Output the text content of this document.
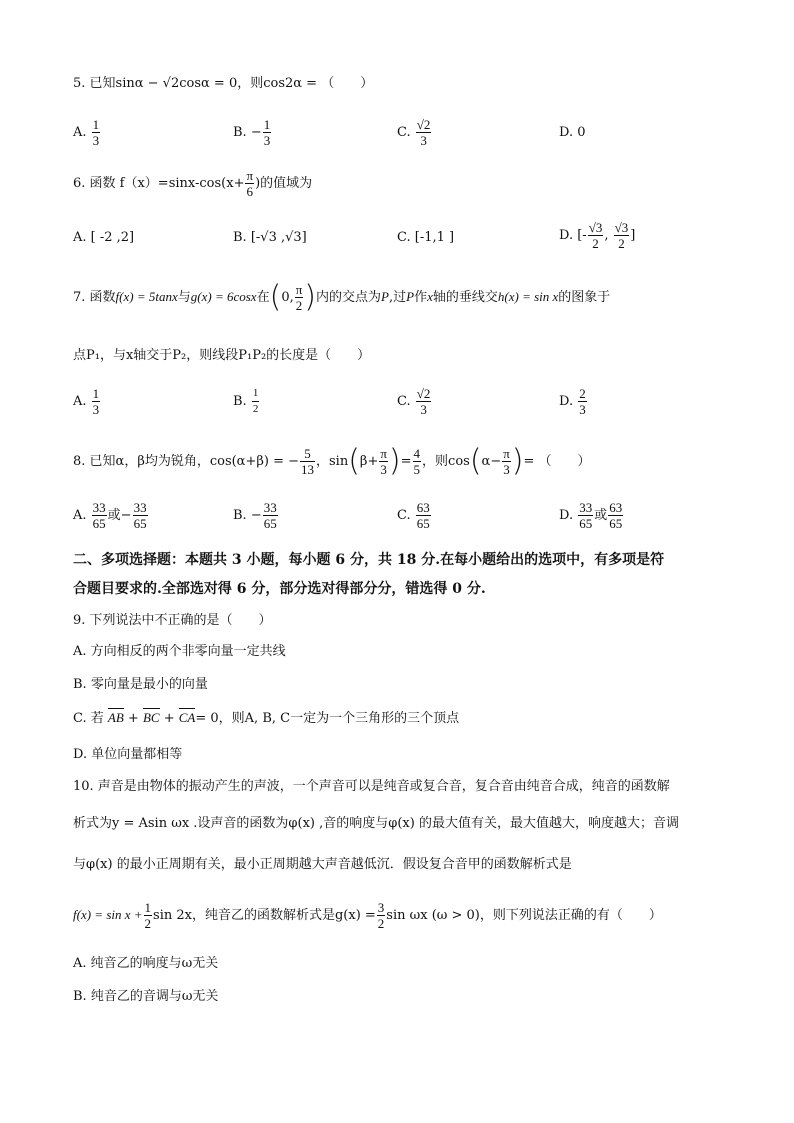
5. 已知sinα − √2cosα = 0，则cos2α = （　　）
A. $\frac{1}{3}$	B. − $\frac{1}{3}$	C. $\frac{√2}{3}$	D. 0
6. 函数 $f(x)=\sin x-\cos(x+ \frac{\pi}{6}$ )的值域为
A. [ -2 ,2]	B. [-√3 ,√3]	C. [-1,1 ]	D. [- $\frac{√3}{2}$ , $\frac{√3}{2}$ ]
7. 函数f(x) = 5tanx与g(x) = 6cosx在(0, $\frac{\pi}{2}$ )内的交点为P,过P作x轴的垂线交h(x) = sin x的图象于
点P₁，与x轴交于P₂，则线段P₁P₂的长度是（　　）
A. $\frac{1}{3}$	B. $\frac{1}{2}$	C. $\frac{√2}{3}$	D. $\frac{2}{3}$
8. 已知α，β均为锐角，cos(α+β) = − $\frac{5}{13}$ ，$\sin(\beta+ \frac{\pi}{3}$ )= $\frac{4}{5}$ ，则$\cos(\alpha- \frac{\pi}{3}$ )= （　　）
A. $\frac{33}{65}$ 或− $\frac{33}{65}$	B. − $\frac{33}{65}$	C. $\frac{63}{65}$	D. $\frac{33}{65}$ 或 $\frac{63}{65}$
二、多项选择题：本题共 3 小题，每小题 6 分，共 18 分.在每小题给出的选项中，有多项是符
合题目要求的.全部选对得 6 分，部分选对得部分分，错选得 0 分.
9. 下列说法中不正确的是（　　）
A. 方向相反的两个非零向量一定共线
B. 零向量是最小的向量
C. 若 AB + BC + CA= 0，则A, B, C一定为一个三角形的三个顶点
D. 单位向量都相等
10. 声音是由物体的振动产生的声波，一个声音可以是纯音或复合音，复合音由纯音合成，纯音的函数解
析式为y = Asin ωx .设声音的函数为φ(x) ,音的响度与φ(x) 的最大值有关，最大值越大，响度越大；音调
与φ(x) 的最小正周期有关，最小正周期越大声音越低沉．假设复合音甲的函数解析式是
$f(x) = \sin x + \frac{1}{2}$ sin 2x，纯音乙的函数解析式是$g(x) = \frac{3}{2}$ sin ωx (ω > 0)，则下列说法正确的有（　　）
A. 纯音乙的响度与ω无关
B. 纯音乙的音调与ω无关
